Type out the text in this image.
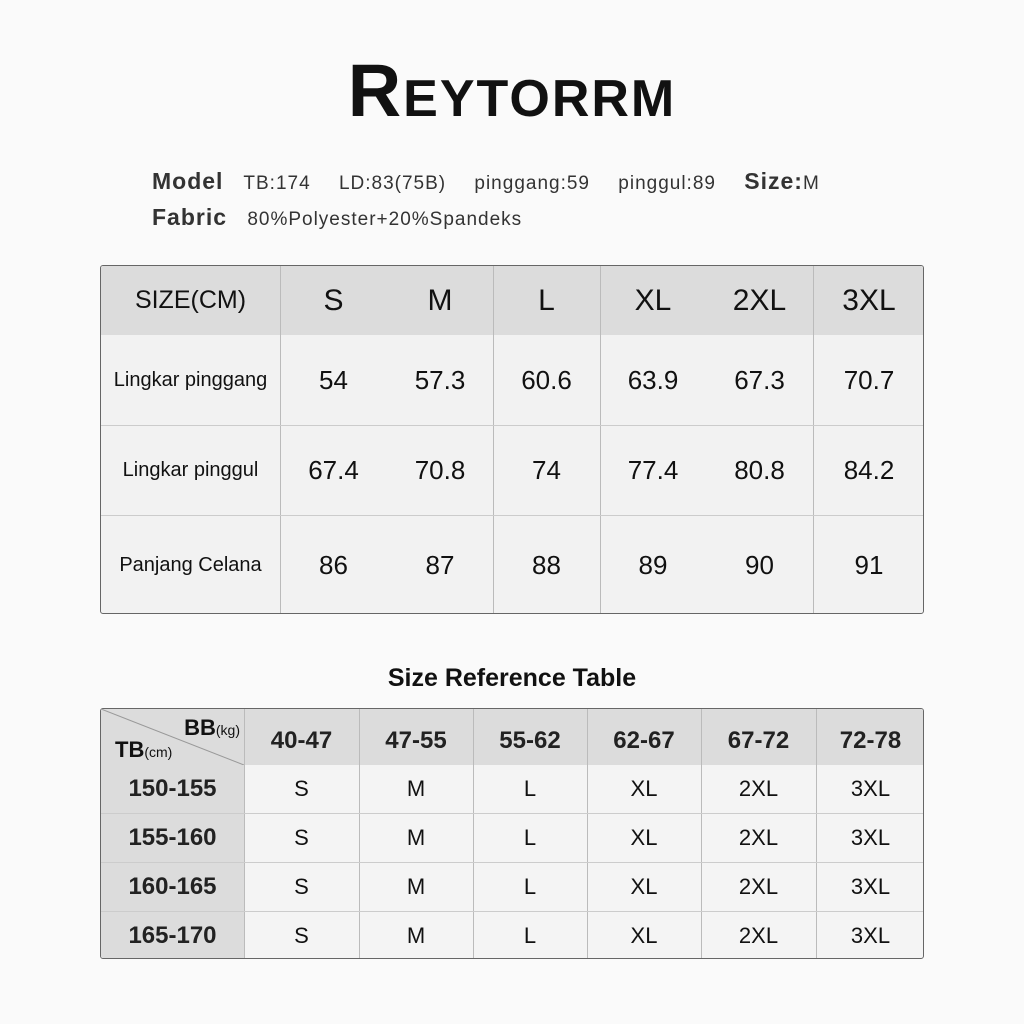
Reytorrm
Model TB:174 LD:83(75B) pinggang:59 pinggul:89 Size:M
Fabric 80%Polyester+20%Spandeks
SIZE(CM)	S	M	L	XL	2XL	3XL
Lingkar pinggang	54	57.3	60.6	63.9	67.3	70.7
Lingkar pinggul	67.4	70.8	74	77.4	80.8	84.2
Panjang Celana	86	87	88	89	90	91
Size Reference Table
BB(kg)
TB(cm)	40-47	47-55	55-62	62-67	67-72	72-78
150-155	S	M	L	XL	2XL	3XL
155-160	S	M	L	XL	2XL	3XL
160-165	S	M	L	XL	2XL	3XL
165-170	S	M	L	XL	2XL	3XL
